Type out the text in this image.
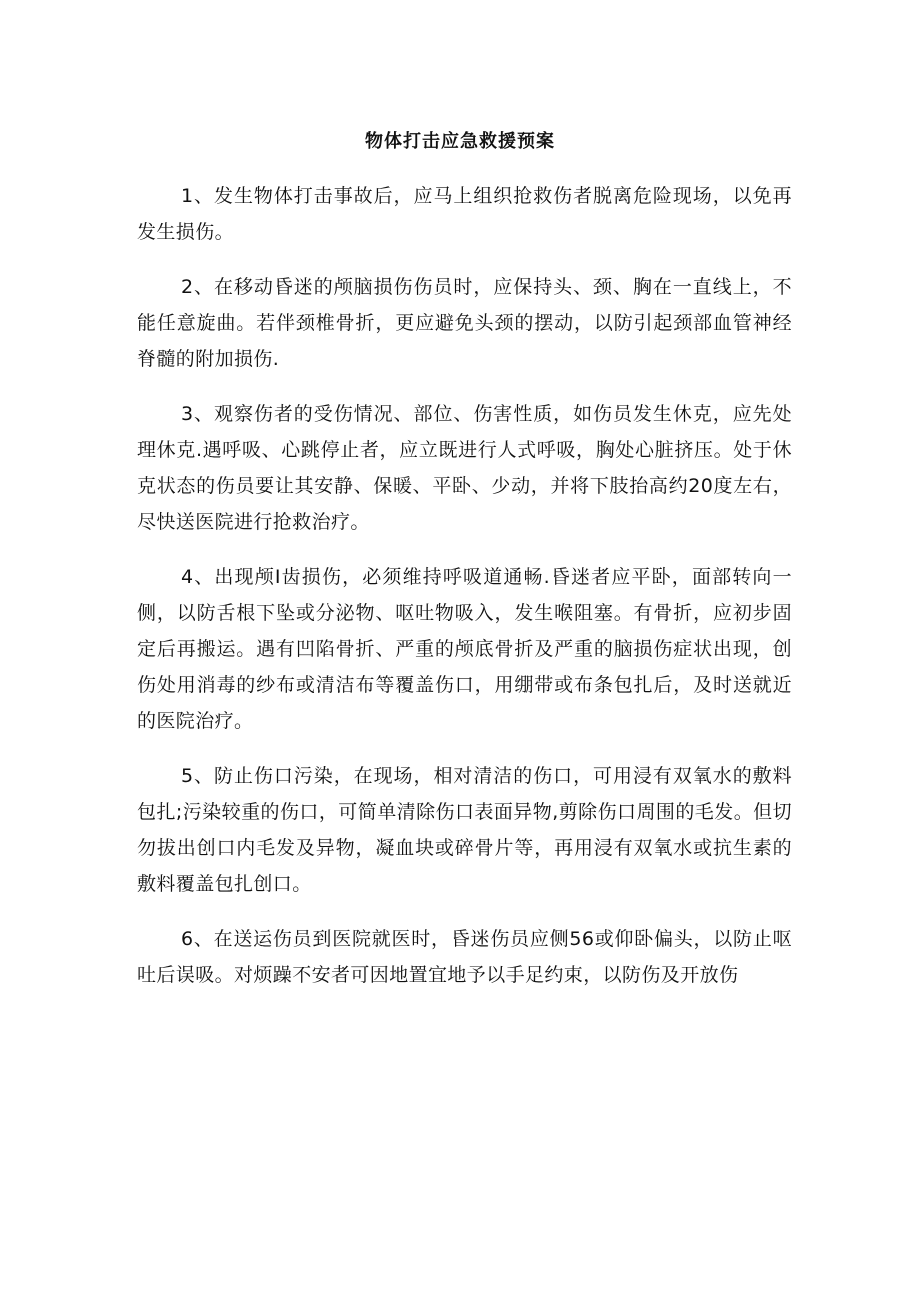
物体打击应急救援预案

1、发生物体打击事故后，应马上组织抢救伤者脱离危险现场，以免再发生损伤。

2、在移动昏迷的颅脑损伤伤员时，应保持头、颈、胸在一直线上，不能任意旋曲。若伴颈椎骨折，更应避免头颈的摆动，以防引起颈部血管神经脊髓的附加损伤.

3、观察伤者的受伤情况、部位、伤害性质，如伤员发生休克，应先处理休克.遇呼吸、心跳停止者，应立既进行人式呼吸，胸处心脏挤压。处于休克状态的伤员要让其安静、保暖、平卧、少动，并将下肢抬高约20度左右，尽快送医院进行抢救治疗。

4、出现颅I齿损伤，必须维持呼吸道通畅.昏迷者应平卧，面部转向一侧，以防舌根下坠或分泌物、呕吐物吸入，发生喉阻塞。有骨折，应初步固定后再搬运。遇有凹陷骨折、严重的颅底骨折及严重的脑损伤症状出现，创伤处用消毒的纱布或清洁布等覆盖伤口，用绷带或布条包扎后，及时送就近的医院治疗。

5、防止伤口污染，在现场，相对清洁的伤口，可用浸有双氧水的敷料包扎;污染较重的伤口，可简单清除伤口表面异物,剪除伤口周围的毛发。但切勿拔出创口内毛发及异物，凝血块或碎骨片等，再用浸有双氧水或抗生素的敷料覆盖包扎创口。

6、在送运伤员到医院就医时，昏迷伤员应侧56或仰卧偏头，以防止呕吐后误吸。对烦躁不安者可因地置宜地予以手足约束，以防伤及开放伤
